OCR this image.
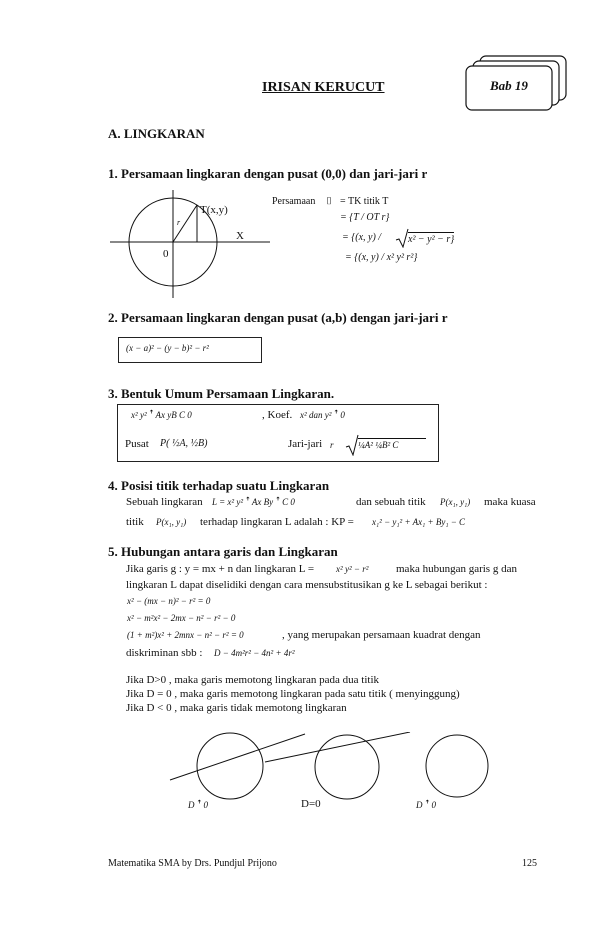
IRISAN KERUCUT	Bab 19
A. LINGKARAN
1. Persamaan lingkaran dengan pusat (0,0) dan jari-jari r
T(x,y)
X
0
r
Persamaan ⌷ = TK titik T
= {T / OT r}
= {(x, y) /	x² − y² − r}
= {(x, y) / x² y² r²}
2. Persamaan lingkaran dengan pusat (a,b) dengan jari-jari r
(x − a)² − (y − b)² − r²
3. Bentuk Umum Persamaan Lingkaran.
x² y² ꜛ Ax yB C 0	, Koef. x² dan y² ꜛ 0
Pusat P( ½A, ½B)	Jari-jari r	¼A² ¼B² C
4. Posisi titik terhadap suatu Lingkaran
Sebuah lingkaran L = x² y² ꜛ Ax By ꜛ C 0	dan sebuah titik P(x₁, y₁) maka kuasa
titik P(x₁, y₁) terhadap lingkaran L adalah : KP = x₁² − y₁² + Ax₁ + By₁ − C
5. Hubungan antara garis dan Lingkaran
Jika garis g : y = mx + n dan lingkaran L = x² y² − r²	maka hubungan garis g dan
lingkaran L dapat diselidiki dengan cara mensubstitusikan g ke L sebagai berikut :
x² − (mx − n)² − r² = 0
x² − m²x² − 2mx − n² − r² − 0
(1 + m²)x² + 2mnx − n² − r² = 0	, yang merupakan persamaan kuadrat dengan
diskriminan sbb : D − 4m²r² − 4n² + 4r²
Jika D>0 , maka garis memotong lingkaran pada dua titik
Jika D = 0 , maka garis memotong lingkaran pada satu titik ( menyinggung)
Jika D < 0 , maka garis tidak memotong lingkaran
D ꜛ 0	D=0	D ꜛ 0
Matematika SMA by Drs. Pundjul Prijono	125
